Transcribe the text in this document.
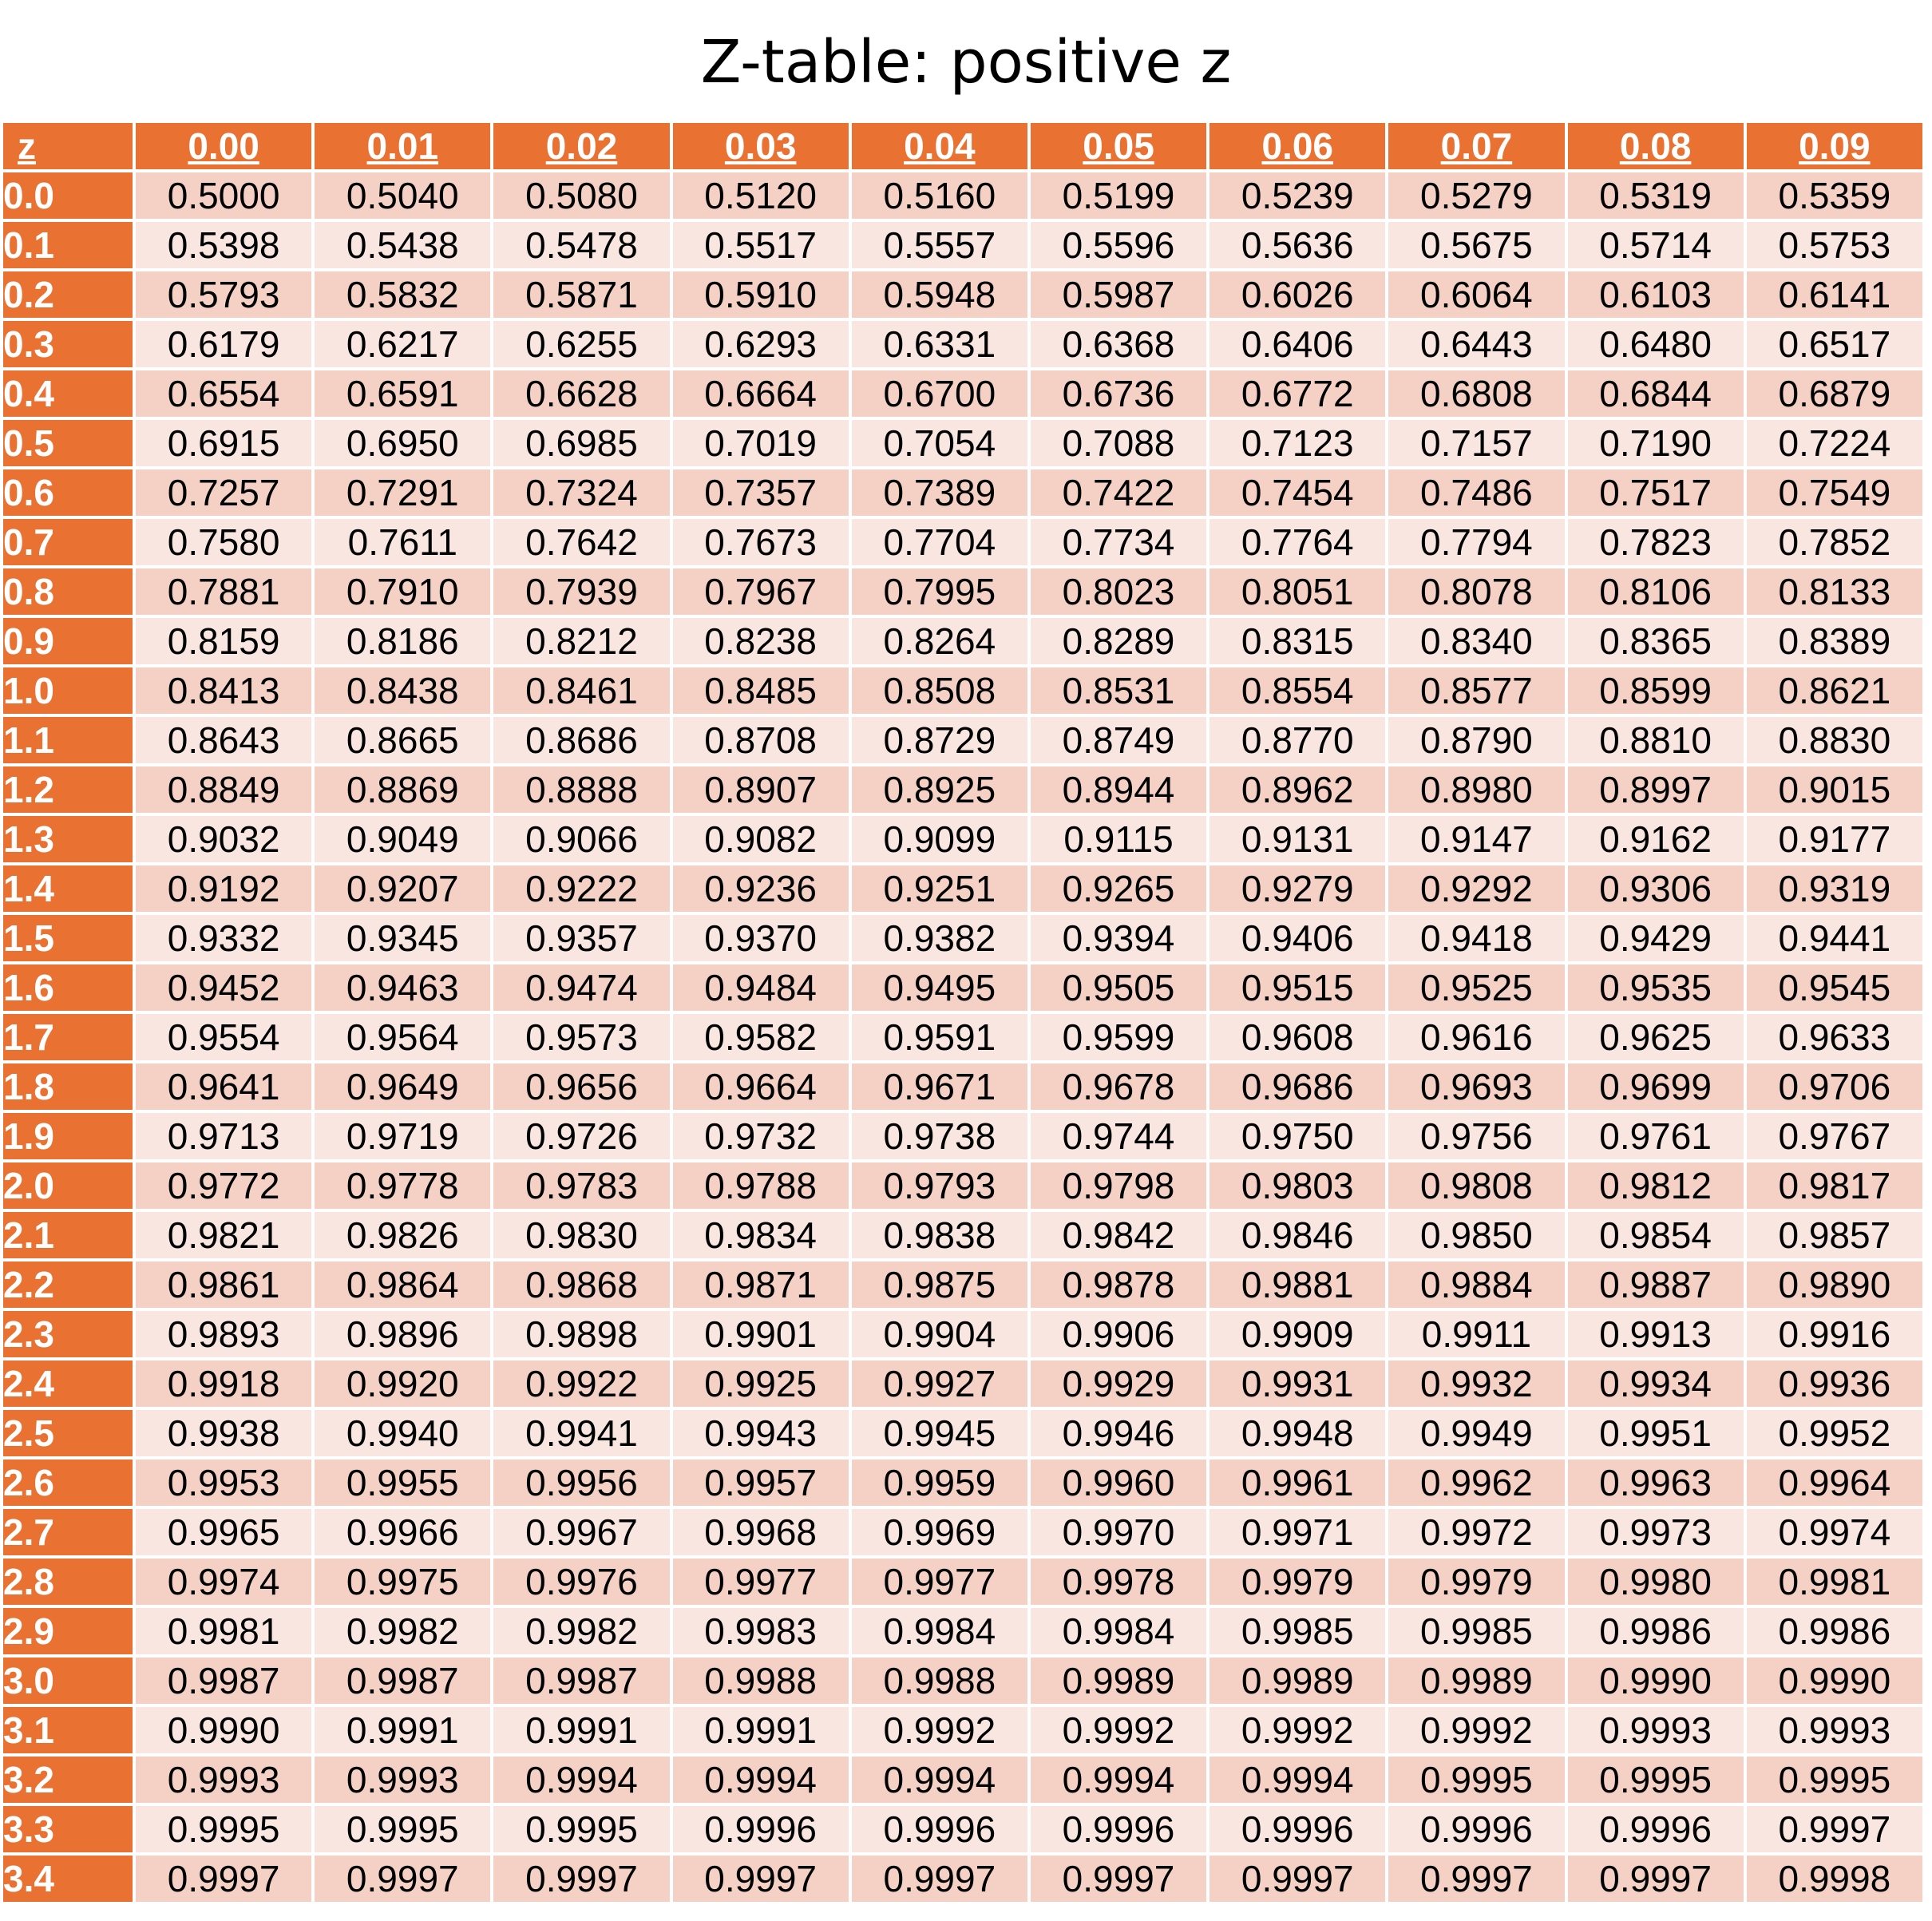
Z-table: positive z
z	0.00	0.01	0.02	0.03	0.04	0.05	0.06	0.07	0.08	0.09
0.0	0.5000	0.5040	0.5080	0.5120	0.5160	0.5199	0.5239	0.5279	0.5319	0.5359
0.1	0.5398	0.5438	0.5478	0.5517	0.5557	0.5596	0.5636	0.5675	0.5714	0.5753
0.2	0.5793	0.5832	0.5871	0.5910	0.5948	0.5987	0.6026	0.6064	0.6103	0.6141
0.3	0.6179	0.6217	0.6255	0.6293	0.6331	0.6368	0.6406	0.6443	0.6480	0.6517
0.4	0.6554	0.6591	0.6628	0.6664	0.6700	0.6736	0.6772	0.6808	0.6844	0.6879
0.5	0.6915	0.6950	0.6985	0.7019	0.7054	0.7088	0.7123	0.7157	0.7190	0.7224
0.6	0.7257	0.7291	0.7324	0.7357	0.7389	0.7422	0.7454	0.7486	0.7517	0.7549
0.7	0.7580	0.7611	0.7642	0.7673	0.7704	0.7734	0.7764	0.7794	0.7823	0.7852
0.8	0.7881	0.7910	0.7939	0.7967	0.7995	0.8023	0.8051	0.8078	0.8106	0.8133
0.9	0.8159	0.8186	0.8212	0.8238	0.8264	0.8289	0.8315	0.8340	0.8365	0.8389
1.0	0.8413	0.8438	0.8461	0.8485	0.8508	0.8531	0.8554	0.8577	0.8599	0.8621
1.1	0.8643	0.8665	0.8686	0.8708	0.8729	0.8749	0.8770	0.8790	0.8810	0.8830
1.2	0.8849	0.8869	0.8888	0.8907	0.8925	0.8944	0.8962	0.8980	0.8997	0.9015
1.3	0.9032	0.9049	0.9066	0.9082	0.9099	0.9115	0.9131	0.9147	0.9162	0.9177
1.4	0.9192	0.9207	0.9222	0.9236	0.9251	0.9265	0.9279	0.9292	0.9306	0.9319
1.5	0.9332	0.9345	0.9357	0.9370	0.9382	0.9394	0.9406	0.9418	0.9429	0.9441
1.6	0.9452	0.9463	0.9474	0.9484	0.9495	0.9505	0.9515	0.9525	0.9535	0.9545
1.7	0.9554	0.9564	0.9573	0.9582	0.9591	0.9599	0.9608	0.9616	0.9625	0.9633
1.8	0.9641	0.9649	0.9656	0.9664	0.9671	0.9678	0.9686	0.9693	0.9699	0.9706
1.9	0.9713	0.9719	0.9726	0.9732	0.9738	0.9744	0.9750	0.9756	0.9761	0.9767
2.0	0.9772	0.9778	0.9783	0.9788	0.9793	0.9798	0.9803	0.9808	0.9812	0.9817
2.1	0.9821	0.9826	0.9830	0.9834	0.9838	0.9842	0.9846	0.9850	0.9854	0.9857
2.2	0.9861	0.9864	0.9868	0.9871	0.9875	0.9878	0.9881	0.9884	0.9887	0.9890
2.3	0.9893	0.9896	0.9898	0.9901	0.9904	0.9906	0.9909	0.9911	0.9913	0.9916
2.4	0.9918	0.9920	0.9922	0.9925	0.9927	0.9929	0.9931	0.9932	0.9934	0.9936
2.5	0.9938	0.9940	0.9941	0.9943	0.9945	0.9946	0.9948	0.9949	0.9951	0.9952
2.6	0.9953	0.9955	0.9956	0.9957	0.9959	0.9960	0.9961	0.9962	0.9963	0.9964
2.7	0.9965	0.9966	0.9967	0.9968	0.9969	0.9970	0.9971	0.9972	0.9973	0.9974
2.8	0.9974	0.9975	0.9976	0.9977	0.9977	0.9978	0.9979	0.9979	0.9980	0.9981
2.9	0.9981	0.9982	0.9982	0.9983	0.9984	0.9984	0.9985	0.9985	0.9986	0.9986
3.0	0.9987	0.9987	0.9987	0.9988	0.9988	0.9989	0.9989	0.9989	0.9990	0.9990
3.1	0.9990	0.9991	0.9991	0.9991	0.9992	0.9992	0.9992	0.9992	0.9993	0.9993
3.2	0.9993	0.9993	0.9994	0.9994	0.9994	0.9994	0.9994	0.9995	0.9995	0.9995
3.3	0.9995	0.9995	0.9995	0.9996	0.9996	0.9996	0.9996	0.9996	0.9996	0.9997
3.4	0.9997	0.9997	0.9997	0.9997	0.9997	0.9997	0.9997	0.9997	0.9997	0.9998
